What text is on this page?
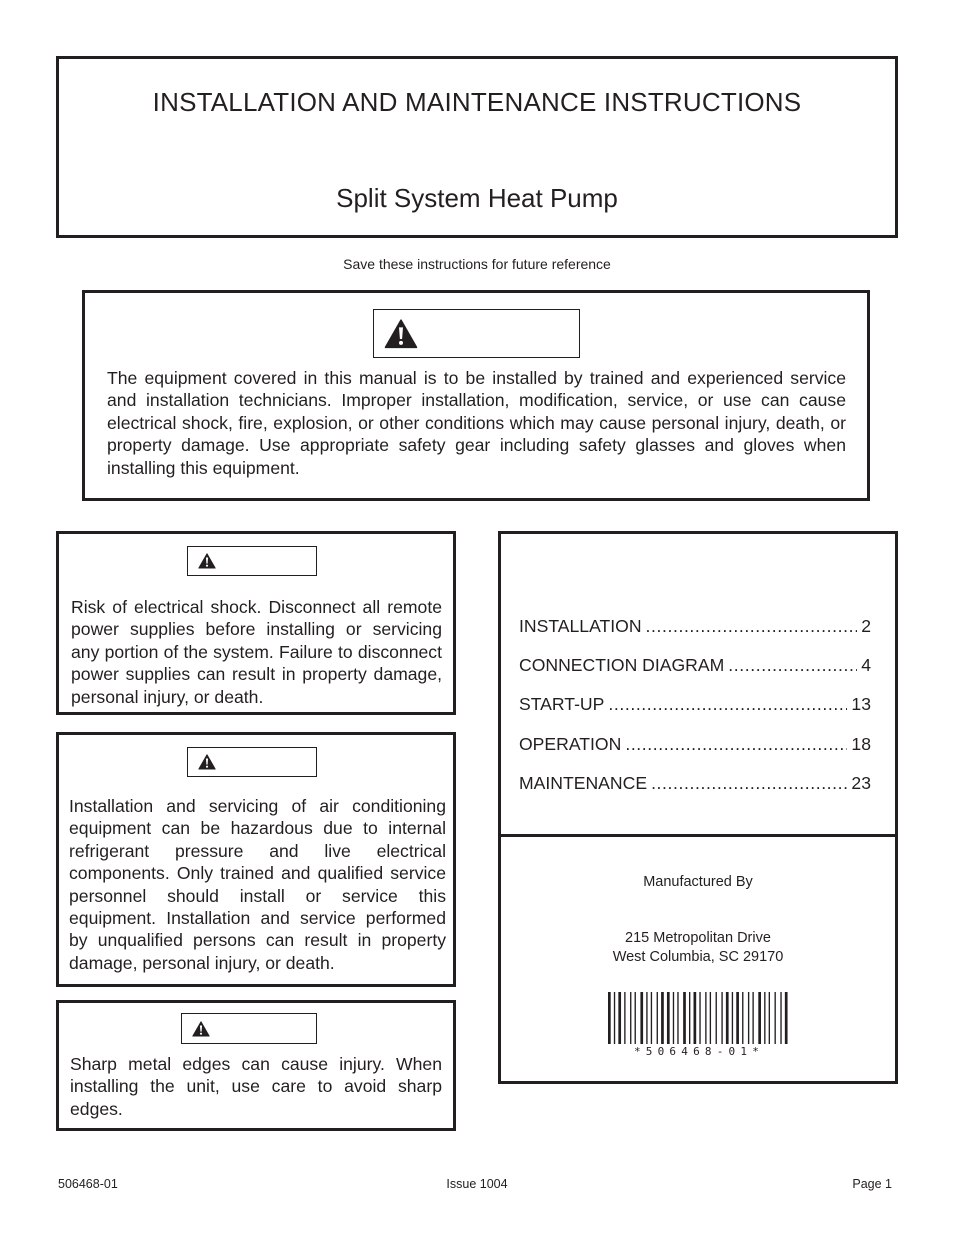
INSTALLATION AND MAINTENANCE INSTRUCTIONS
Split System Heat Pump
Save these instructions for future reference

The equipment covered in this manual is to be installed by trained and experienced service and installation technicians. Improper installation, modification, service, or use can cause electrical shock, fire, explosion, or other conditions which may cause personal injury, death, or property damage. Use appropriate safety gear including safety glasses and gloves when installing this equipment.

Risk of electrical shock. Disconnect all remote power supplies before installing or servicing any portion of the system. Failure to disconnect power supplies can result in property damage, personal injury, or death.

Installation and servicing of air conditioning equipment can be hazardous due to internal refrigerant pressure and live electrical components. Only trained and qualified service personnel should install or service this equipment. Installation and service performed by unqualified persons can result in property damage, personal injury, or death.

Sharp metal edges can cause injury. When installing the unit, use care to avoid sharp edges.

INSTALLATION .....	2
CONNECTION DIAGRAM .....	4
START-UP .....	13
OPERATION .....	18
MAINTENANCE .....	23
Manufactured By
215 Metropolitan Drive
West Columbia, SC 29170
*506468-01*
506468-01	Issue 1004	Page 1
